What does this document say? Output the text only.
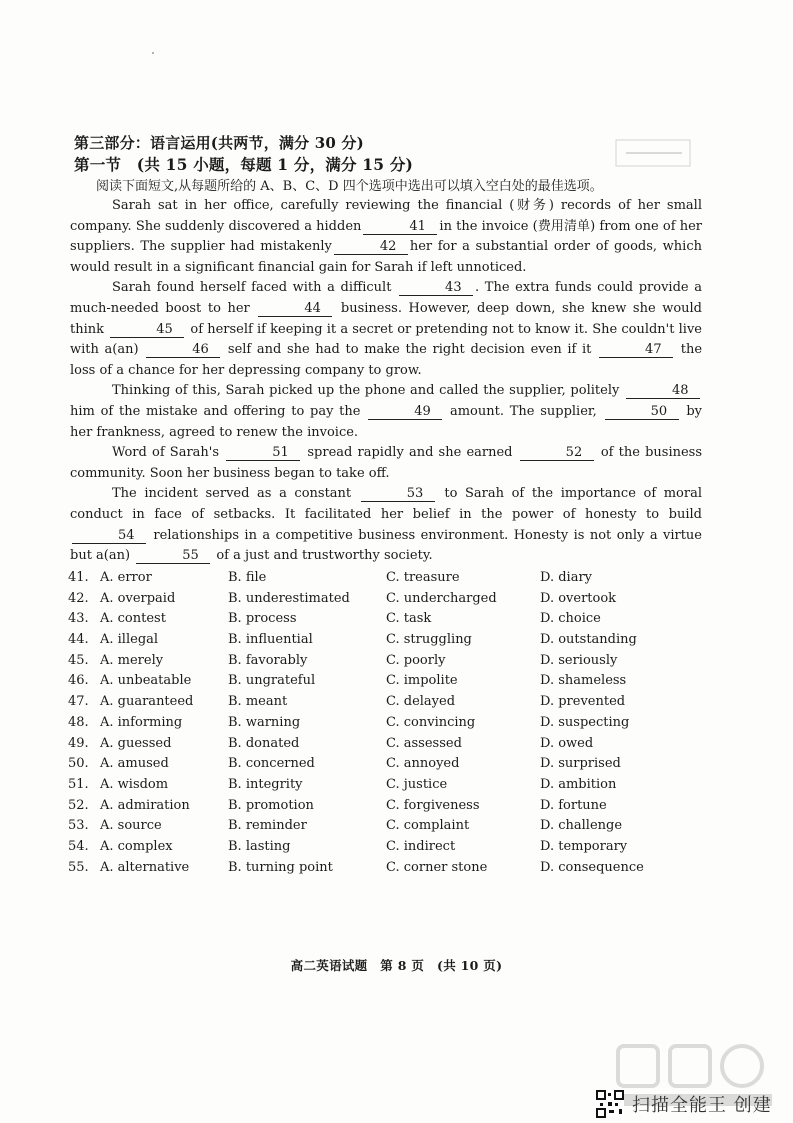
第三部分：语言运用(共两节，满分 30 分)
第一节　(共 15 小题，每题 1 分，满分 15 分)
阅读下面短文,从每题所给的 A、B、C、D 四个选项中选出可以填入空白处的最佳选项。

Sarah sat in her office, carefully reviewing the financial (财务) records of her small company. She suddenly discovered a hidden	41 in the invoice (费用清单) from one of her suppliers. The supplier had mistakenly	42 her for a substantial order of goods, which would result in a significant financial gain for Sarah if left unnoticed.

Sarah found herself faced with a difficult	43 . The extra funds could provide a much-needed boost to her	44 business. However, deep down, she knew she would think	45 of herself if keeping it a secret or pretending not to know it. She couldn't live with a(an)	46 self and she had to make the right decision even if it	47 the loss of a chance for her depressing company to grow.

Thinking of this, Sarah picked up the phone and called the supplier, politely	48 him of the mistake and offering to pay the	49 amount. The supplier,	50 by her frankness, agreed to renew the invoice.

Word of Sarah's	51 spread rapidly and she earned	52 of the business community. Soon her business began to take off.

The incident served as a constant	53 to Sarah of the importance of moral conduct in face of setbacks. It facilitated her belief in the power of honesty to build 54 relationships in a competitive business environment. Honesty is not only a virtue but a(an)	55 of a just and trustworthy society.

41. A. error	B. file	C. treasure	D. diary
42. A. overpaid	B. underestimated	C. undercharged	D. overtook
43. A. contest	B. process	C. task	D. choice
44. A. illegal	B. influential	C. struggling	D. outstanding
45. A. merely	B. favorably	C. poorly	D. seriously
46. A. unbeatable	B. ungrateful	C. impolite	D. shameless
47. A. guaranteed	B. meant	C. delayed	D. prevented
48. A. informing	B. warning	C. convincing	D. suspecting
49. A. guessed	B. donated	C. assessed	D. owed
50. A. amused	B. concerned	C. annoyed	D. surprised
51. A. wisdom	B. integrity	C. justice	D. ambition
52. A. admiration	B. promotion	C. forgiveness	D. fortune
53. A. source	B. reminder	C. complaint	D. challenge
54. A. complex	B. lasting	C. indirect	D. temporary
55. A. alternative	B. turning point	C. corner stone	D. consequence
高二英语试题　第 8 页　(共 10 页)
扫描全能王 创建
